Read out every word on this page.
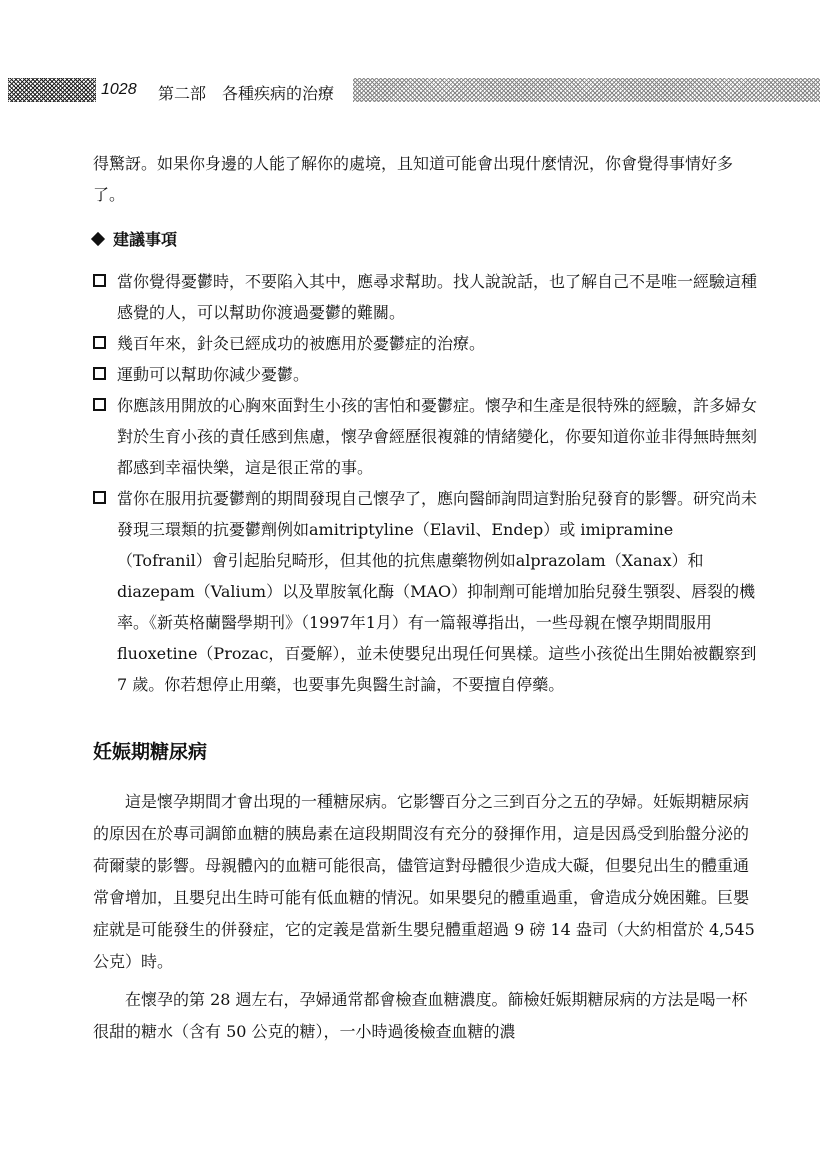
1028 第二部　各種疾病的治療

得驚訝。如果你身邊的人能了解你的處境，且知道可能會出現什麼情況，你會覺得事情好多了。

建議事項
當你覺得憂鬱時，不要陷入其中，應尋求幫助。找人說說話，也了解自己不是唯一經驗這種感覺的人，可以幫助你渡過憂鬱的難關。
幾百年來，針灸已經成功的被應用於憂鬱症的治療。
運動可以幫助你減少憂鬱。
你應該用開放的心胸來面對生小孩的害怕和憂鬱症。懷孕和生產是很特殊的經驗，許多婦女對於生育小孩的責任感到焦慮，懷孕會經歷很複雜的情緒變化，你要知道你並非得無時無刻都感到幸福快樂，這是很正常的事。
當你在服用抗憂鬱劑的期間發現自己懷孕了，應向醫師詢問這對胎兒發育的影響。研究尚未發現三環類的抗憂鬱劑例如amitriptyline（Elavil、Endep）或 imipramine（Tofranil）會引起胎兒畸形，但其他的抗焦慮藥物例如alprazolam（Xanax）和 diazepam（Valium）以及單胺氧化酶（MAO）抑制劑可能增加胎兒發生顎裂、唇裂的機率。《新英格蘭醫學期刊》（1997年1月）有一篇報導指出，一些母親在懷孕期間服用 fluoxetine（Prozac，百憂解），並未使嬰兒出現任何異樣。這些小孩從出生開始被觀察到 7 歲。你若想停止用藥，也要事先與醫生討論，不要擅自停藥。
妊娠期糖尿病

這是懷孕期間才會出現的一種糖尿病。它影響百分之三到百分之五的孕婦。妊娠期糖尿病的原因在於專司調節血糖的胰島素在這段期間沒有充分的發揮作用，這是因爲受到胎盤分泌的荷爾蒙的影響。母親體內的血糖可能很高，儘管這對母體很少造成大礙，但嬰兒出生的體重通常會增加，且嬰兒出生時可能有低血糖的情況。如果嬰兒的體重過重，會造成分娩困難。巨嬰症就是可能發生的併發症，它的定義是當新生嬰兒體重超過 9 磅 14 盎司（大約相當於 4,545 公克）時。

在懷孕的第 28 週左右，孕婦通常都會檢查血糖濃度。篩檢妊娠期糖尿病的方法是喝一杯很甜的糖水（含有 50 公克的糖），一小時過後檢查血糖的濃
